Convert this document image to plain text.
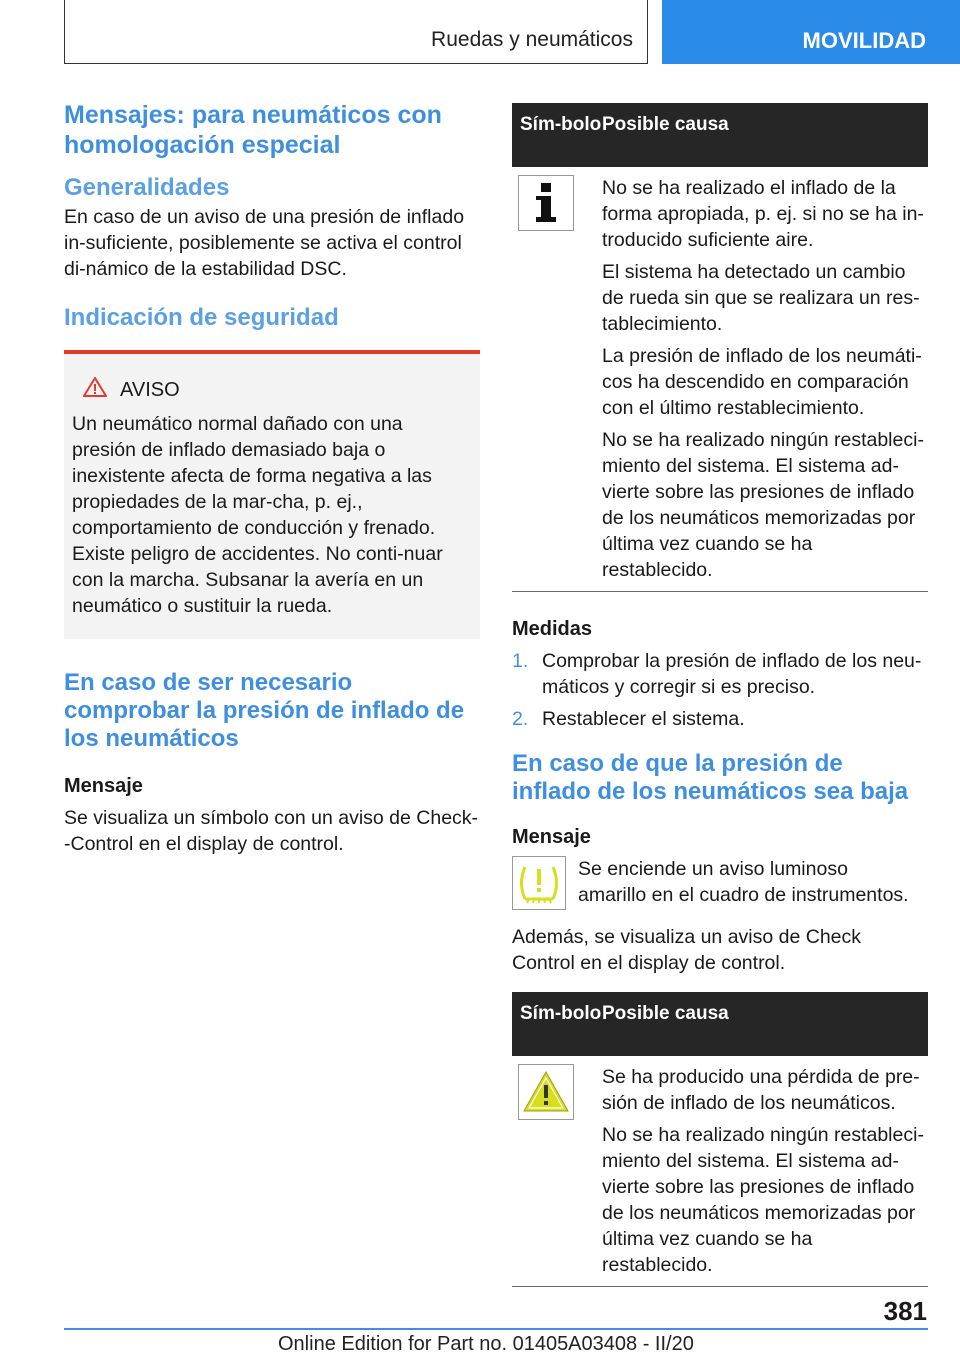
Ruedas y neumáticos	MOVILIDAD
Mensajes: para neumáticos con homologación especial
Generalidades

En caso de un aviso de una presión de inflado in-suficiente, posiblemente se activa el control di-námico de la estabilidad DSC.

Indicación de seguridad
AVISO

Un neumático normal dañado con una presión de inflado demasiado baja o inexistente afecta de forma negativa a las propiedades de la mar-cha, p. ej., comportamiento de conducción y frenado. Existe peligro de accidentes. No conti-nuar con la marcha. Subsanar la avería en un neumático o sustituir la rueda.

En caso de ser necesario comprobar la presión de inflado de los neumáticos

Mensaje

Se visualiza un símbolo con un aviso de Check--Control en el display de control.

Sím-bolo Posible causa

No se ha realizado el inflado de la forma apropiada, p. ej. si no se ha in-troducido suficiente aire.

El sistema ha detectado un cambio de rueda sin que se realizara un res-tablecimiento.

La presión de inflado de los neumáti-cos ha descendido en comparación con el último restablecimiento.

No se ha realizado ningún restableci-miento del sistema. El sistema ad-vierte sobre las presiones de inflado de los neumáticos memorizadas por última vez cuando se ha restablecido.

Medidas

1. Comprobar la presión de inflado de los neu-máticos y corregir si es preciso.
2. Restablecer el sistema.
En caso de que la presión de inflado de los neumáticos sea baja

Mensaje

Se enciende un aviso luminoso amarillo en el cuadro de instrumentos.

Además, se visualiza un aviso de Check Control en el display de control.

Sím-bolo Posible causa

Se ha producido una pérdida de pre-sión de inflado de los neumáticos.

No se ha realizado ningún restableci-miento del sistema. El sistema ad-vierte sobre las presiones de inflado de los neumáticos memorizadas por última vez cuando se ha restablecido.

381
Online Edition for Part no. 01405A03408 - II/20
